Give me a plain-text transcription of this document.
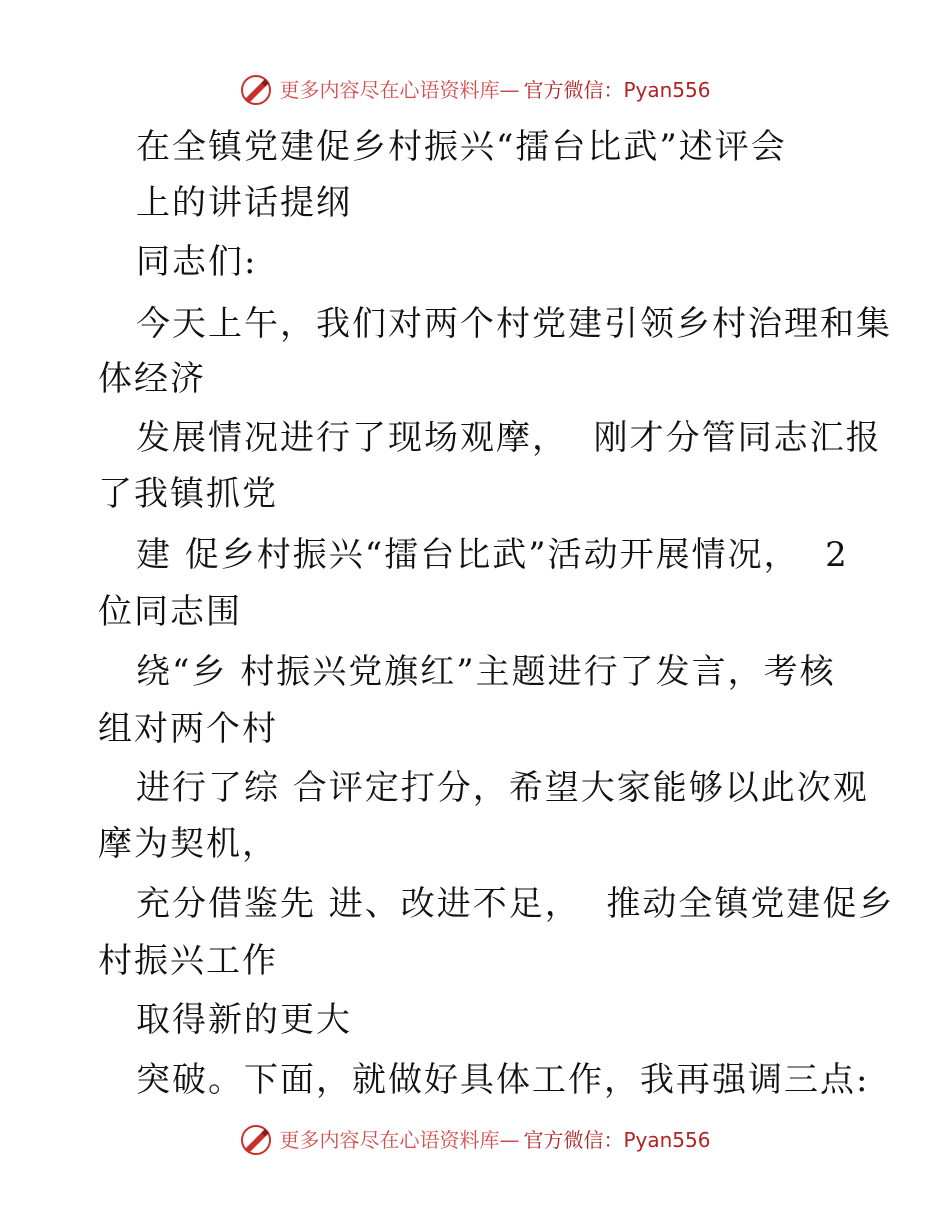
更多内容尽在心语资料库 — 官方微信：Pyan556
在全镇党建促乡村振兴“擂台比武”述评会
上的讲话提纲
同志们:
今天上午，我们对两个村党建引领乡村治理和集
体经济
发展情况进行了现场观摩，  刚才分管同志汇报
了我镇抓党
建 促乡村振兴“擂台比武”活动开展情况，  2
位同志围
绕“乡 村振兴党旗红”主题进行了发言，考核
组对两个村
进行了综 合评定打分，希望大家能够以此次观
摩为契机，
充分借鉴先 进、改进不足，  推动全镇党建促乡
村振兴工作
取得新的更大
突破。下面，就做好具体工作，我再强调三点:
更多内容尽在心语资料库 — 官方微信：Pyan556
